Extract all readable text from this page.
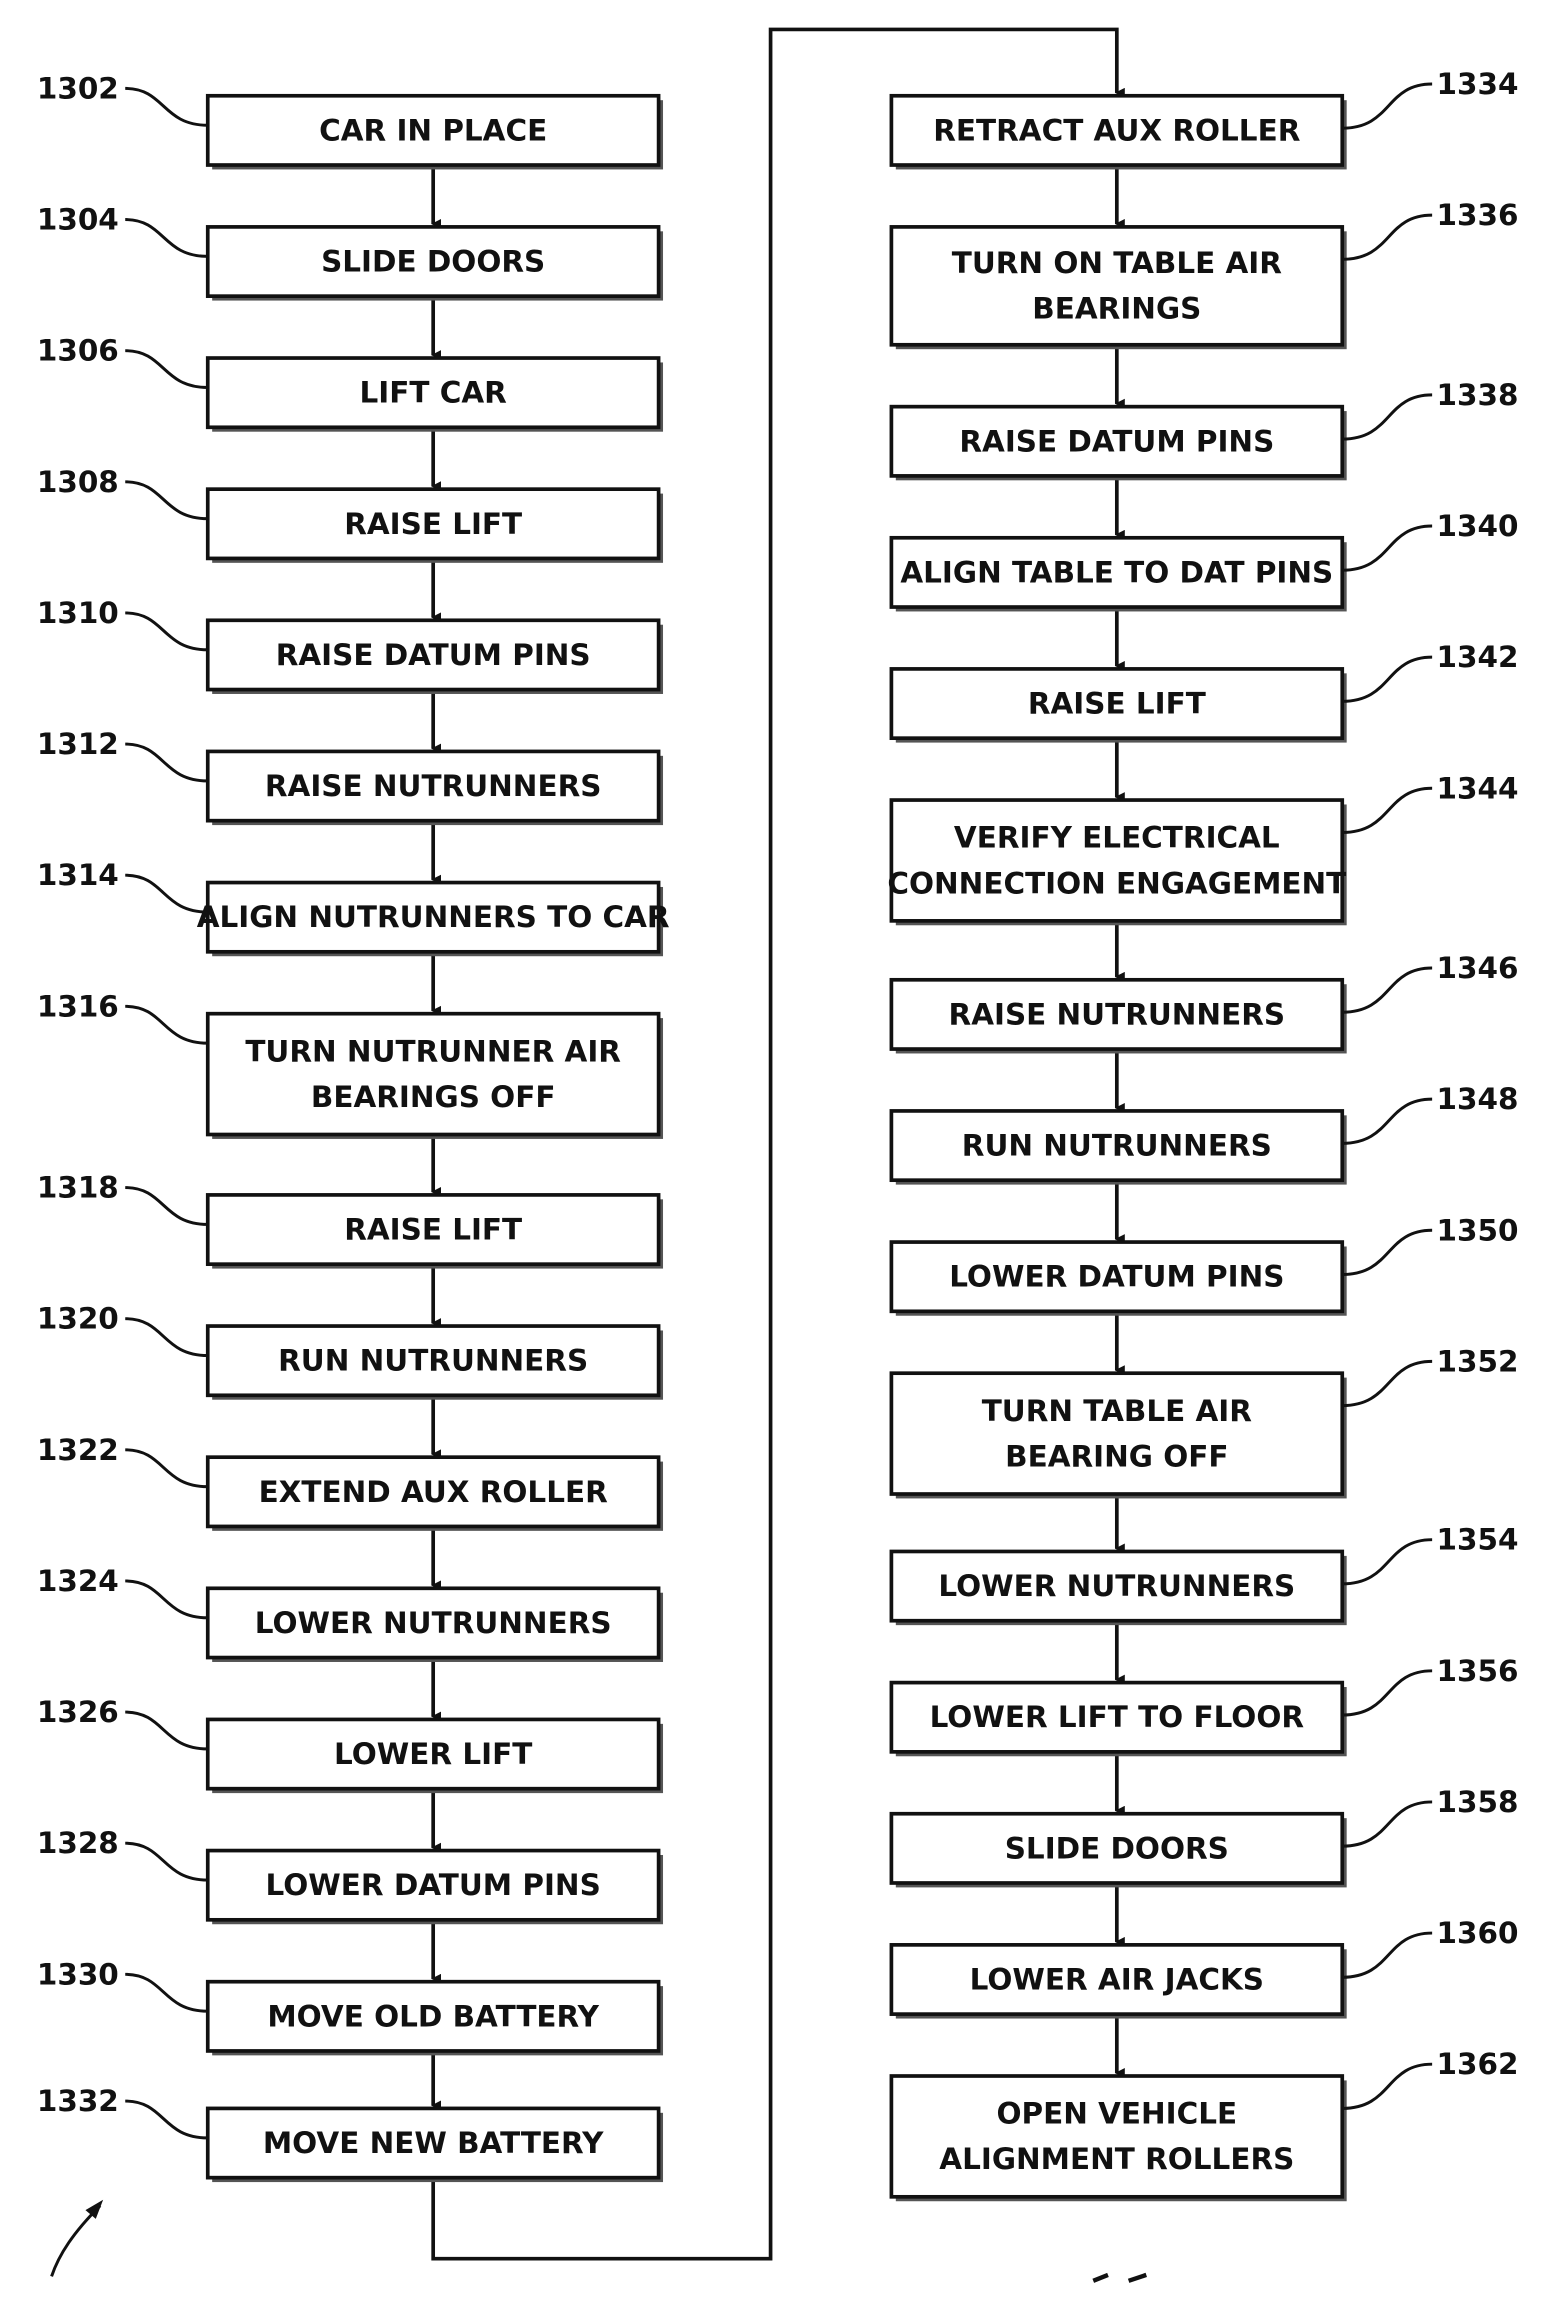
CAR IN PLACE
SLIDE DOORS
LIFT CAR
RAISE LIFT
RAISE DATUM PINS
RAISE NUTRUNNERS
ALIGN NUTRUNNERS TO CAR
TURN NUTRUNNER AIR
BEARINGS OFF
RAISE LIFT
RUN NUTRUNNERS
EXTEND AUX ROLLER
LOWER NUTRUNNERS
LOWER LIFT
LOWER DATUM PINS
MOVE OLD BATTERY
MOVE NEW BATTERY
RETRACT AUX ROLLER
TURN ON TABLE AIR
BEARINGS
RAISE DATUM PINS
ALIGN TABLE TO DAT PINS
RAISE LIFT
VERIFY ELECTRICAL
CONNECTION ENGAGEMENT
RAISE NUTRUNNERS
RUN NUTRUNNERS
LOWER DATUM PINS
TURN TABLE AIR
BEARING OFF
LOWER NUTRUNNERS
LOWER LIFT TO FLOOR
SLIDE DOORS
LOWER AIR JACKS
OPEN VEHICLE
ALIGNMENT ROLLERS
1302
1304
1306
1308
1310
1312
1314
1316
1318
1320
1322
1324
1326
1328
1330
1332
1334
1336
1338
1340
1342
1344
1346
1348
1350
1352
1354
1356
1358
1360
1362
